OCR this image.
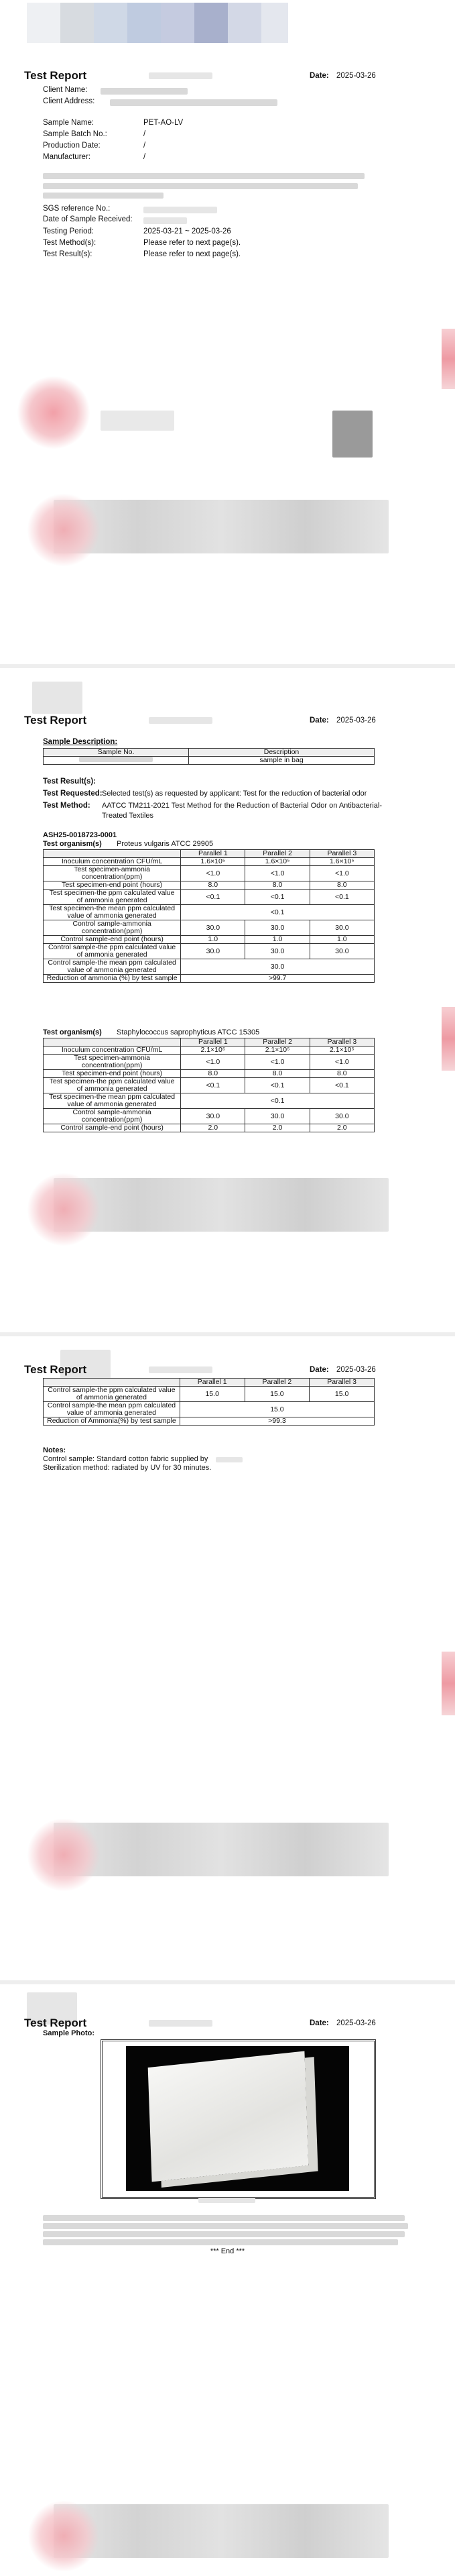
Test Report	Date: 2025-03-26
Client Name:
Client Address:
Sample Name:	PET-AO-LV
Sample Batch No.:	/
Production Date:	/
Manufacturer:	/
SGS reference No.:
Date of Sample Received:
Testing Period:	2025-03-21 ~ 2025-03-26
Test Method(s):	Please refer to next page(s).
Test Result(s):	Please refer to next page(s).
Test Report	Date: 2025-03-26
Sample Description:
Sample No.	Description
	sample in bag
Test Result(s):
Test Requested: Selected test(s) as requested by applicant: Test for the reduction of bacterial odor
Test Method: AATCC TM211-2021 Test Method for the Reduction of Bacterial Odor on Antibacterial-
Treated Textiles
ASH25-0018723-0001
Test organism(s) Proteus vulgaris ATCC 29905
	Parallel 1	Parallel 2	Parallel 3
Inoculum concentration CFU/mL	1.6×10⁵	1.6×10⁵	1.6×10⁵
Test specimen-ammonia concentration(ppm)	<1.0	<1.0	<1.0
Test specimen-end point (hours)	8.0	8.0	8.0
Test specimen-the ppm calculated value of ammonia generated	<0.1	<0.1	<0.1
Test specimen-the mean ppm calculated value of ammonia generated	<0.1		
Control sample-ammonia concentration(ppm)	30.0	30.0	30.0
Control sample-end point (hours)	1.0	1.0	1.0
Control sample-the ppm calculated value of ammonia generated	30.0	30.0	30.0
Control sample-the mean ppm calculated value of ammonia generated	30.0		
Reduction of ammonia (%) by test sample	>99.7		
Test organism(s) Staphylococcus saprophyticus ATCC 15305
	Parallel 1	Parallel 2	Parallel 3
Inoculum concentration CFU/mL	2.1×10⁵	2.1×10⁵	2.1×10⁵
Test specimen-ammonia concentration(ppm)	<1.0	<1.0	<1.0
Test specimen-end point (hours)	8.0	8.0	8.0
Test specimen-the ppm calculated value of ammonia generated	<0.1	<0.1	<0.1
Test specimen-the mean ppm calculated value of ammonia generated	<0.1		
Control sample-ammonia concentration(ppm)	30.0	30.0	30.0
Control sample-end point (hours)	2.0	2.0	2.0
Test Report	Date: 2025-03-26
	Parallel 1	Parallel 2	Parallel 3
Control sample-the ppm calculated value of ammonia generated	15.0	15.0	15.0
Control sample-the mean ppm calculated value of ammonia generated	15.0		
Reduction of Ammonia(%) by test sample	>99.3		
Notes:
Control sample: Standard cotton fabric supplied by
Sterilization method: radiated by UV for 30 minutes.
Test Report	Date: 2025-03-26
Sample Photo:
*** End ***
